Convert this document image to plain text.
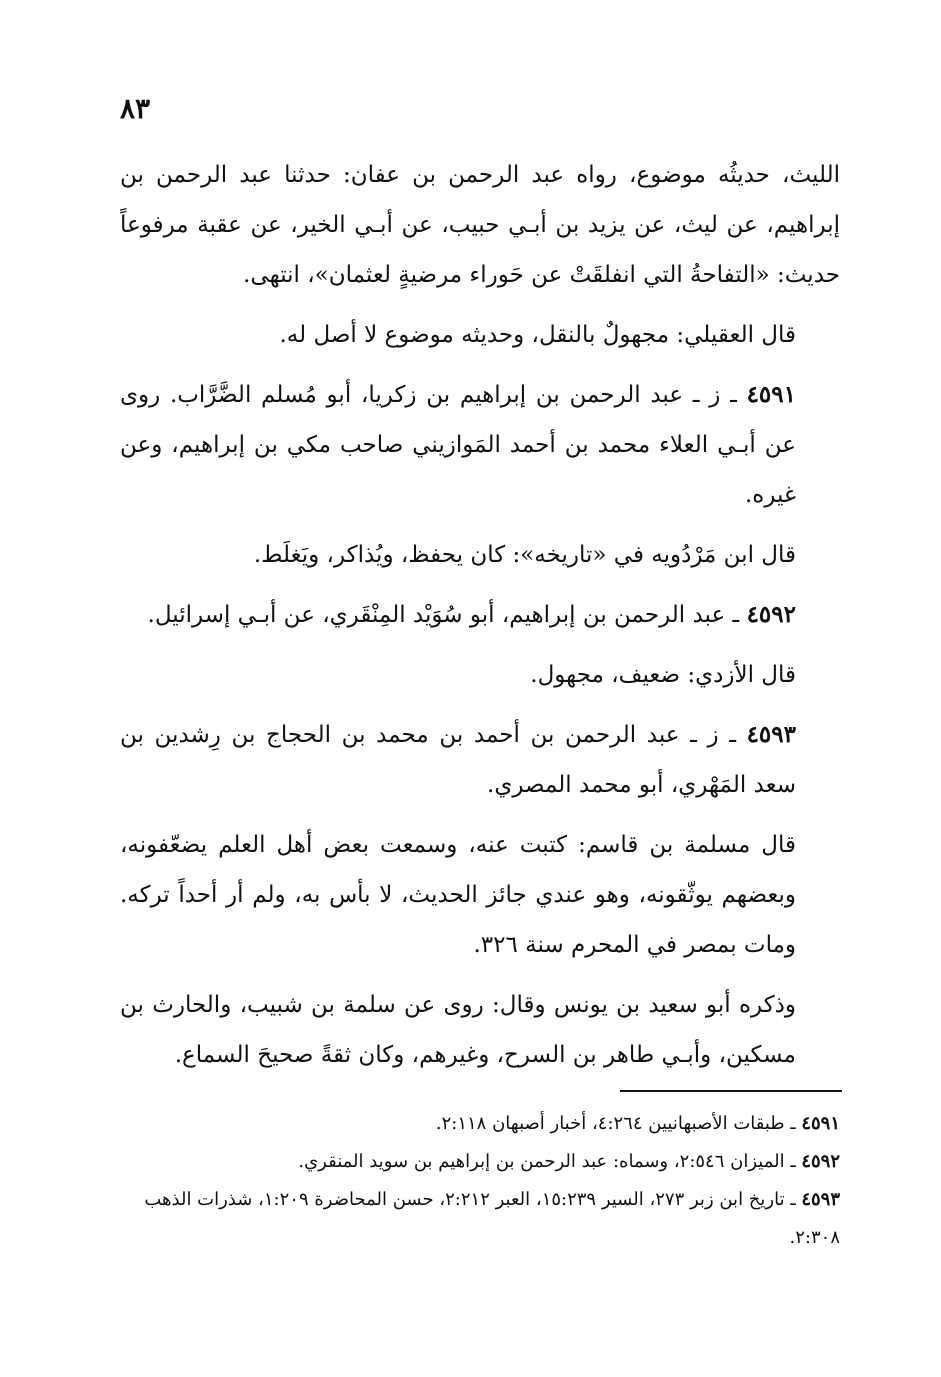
٨٣

الليث، حديثُه موضوع، رواه عبد الرحمن بن عفان: حدثنا عبد الرحمن بن إبراهيم، عن ليث، عن يزيد بن أبـي حبيب، عن أبـي الخير، عن عقبة مرفوعاً حديث: «التفاحةُ التي انفلقَتْ عن حَوراء مرضيةٍ لعثمان»، انتهى.

قال العقيلي: مجهولٌ بالنقل، وحديثه موضوع لا أصل له.

٤٥٩١ ـ ز ـ عبد الرحمن بن إبراهيم بن زكريا، أبو مُسلم الضَّرَّاب. روى عن أبـي العلاء محمد بن أحمد المَوازيني صاحب مكي بن إبراهيم، وعن غيره.

قال ابن مَرْدُويه في «تاريخه»: كان يحفظ، ويُذاكر، ويَغلَط.

٤٥٩٢ ـ عبد الرحمن بن إبراهيم، أبو سُوَيْد المِنْقَري، عن أبـي إسرائيل.

قال الأزدي: ضعيف، مجهول.

٤٥٩٣ ـ ز ـ عبد الرحمن بن أحمد بن محمد بن الحجاج بن رِشدين بن سعد المَهْري، أبو محمد المصري.

قال مسلمة بن قاسم: كتبت عنه، وسمعت بعض أهل العلم يضعّفونه، وبعضهم يوثّقونه، وهو عندي جائز الحديث، لا بأس به، ولم أر أحداً تركه. ومات بمصر في المحرم سنة ٣٢٦.

وذكره أبو سعيد بن يونس وقال: روى عن سلمة بن شبيب، والحارث بن مسكين، وأبـي طاهر بن السرح، وغيرهم، وكان ثقةً صحيحَ السماع.

٤٥٩١ ـ طبقات الأصبهانيين ٤:٢٦٤، أخبار أصبهان ٢:١١٨.

٤٥٩٢ ـ الميزان ٢:٥٤٦، وسماه: عبد الرحمن بن إبراهيم بن سويد المنقري.

٤٥٩٣ ـ تاريخ ابن زبر ٢٧٣، السير ١٥:٢٣٩، العبر ٢:٢١٢، حسن المحاضرة ١:٢٠٩، شذرات الذهب ٢:٣٠٨.
